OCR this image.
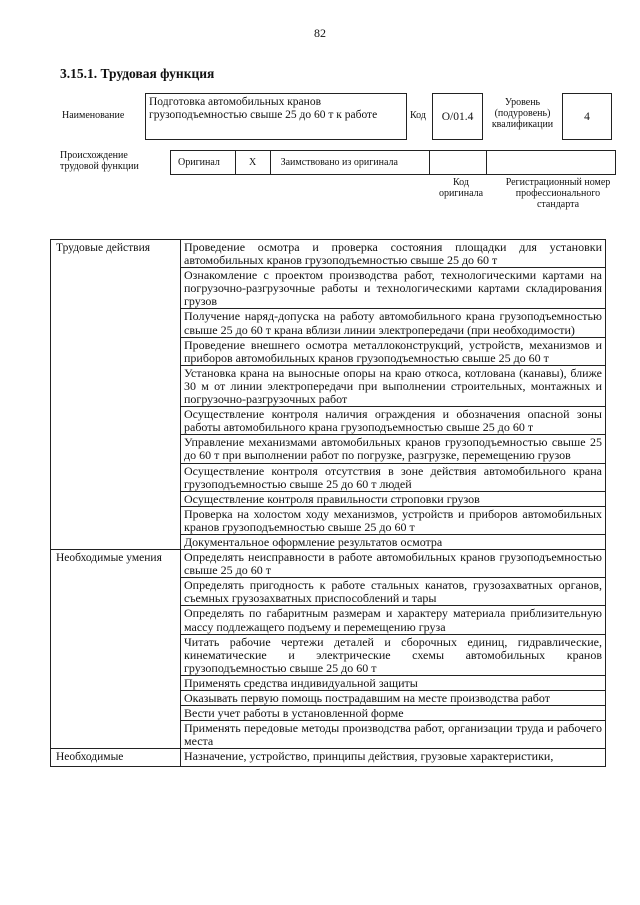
82
3.15.1. Трудовая функция
Наименование
Подготовка автомобильных кранов грузоподъемностью свыше 25 до 60 т к работе	Код	О/01.4
Уровень (подуровень) квалификации
4
Происхождение трудовой функции	Оригинал	X	Заимствовано из оригинала
Код оригинала
Регистрационный номер профессионального стандарта
Трудовые действия	Проведение осмотра и проверка состояния площадки для установки автомобильных кранов грузоподъемностью свыше 25 до 60 т
	Ознакомление с проектом производства работ, технологическими картами на погрузочно-разгрузочные работы и технологическими картами складирования грузов
	Получение наряд-допуска на работу автомобильного крана грузоподъемностью свыше 25 до 60 т крана вблизи линии электропередачи (при необходимости)
	Проведение внешнего осмотра металлоконструкций, устройств, механизмов и приборов автомобильных кранов грузоподъемностью свыше 25 до 60 т
	Установка крана на выносные опоры на краю откоса, котлована (канавы), ближе 30 м от линии электропередачи при выполнении строительных, монтажных и погрузочно-разгрузочных работ
	Осуществление контроля наличия ограждения и обозначения опасной зоны работы автомобильного крана грузоподъемностью свыше 25 до 60 т
	Управление механизмами автомобильных кранов грузоподъемностью свыше 25 до 60 т при выполнении работ по погрузке, разгрузке, перемещению грузов
	Осуществление контроля отсутствия в зоне действия автомобильного крана грузоподъемностью свыше 25 до 60 т людей
	Осуществление контроля правильности строповки грузов
	Проверка на холостом ходу механизмов, устройств и приборов автомобильных кранов грузоподъемностью свыше 25 до 60 т
	Документальное оформление результатов осмотра
Необходимые умения	Определять неисправности в работе автомобильных кранов грузоподъемностью свыше 25 до 60 т
	Определять пригодность к работе стальных канатов, грузозахватных органов, съемных грузозахватных приспособлений и тары
	Определять по габаритным размерам и характеру материала приблизительную массу подлежащего подъему и перемещению груза
	Читать рабочие чертежи деталей и сборочных единиц, гидравлические, кинематические и электрические схемы автомобильных кранов грузоподъемностью свыше 25 до 60 т
	Применять средства индивидуальной защиты
	Оказывать первую помощь пострадавшим на месте производства работ
	Вести учет работы в установленной форме
	Применять передовые методы производства работ, организации труда и рабочего места
Необходимые	Назначение, устройство, принципы действия, грузовые характеристики,
